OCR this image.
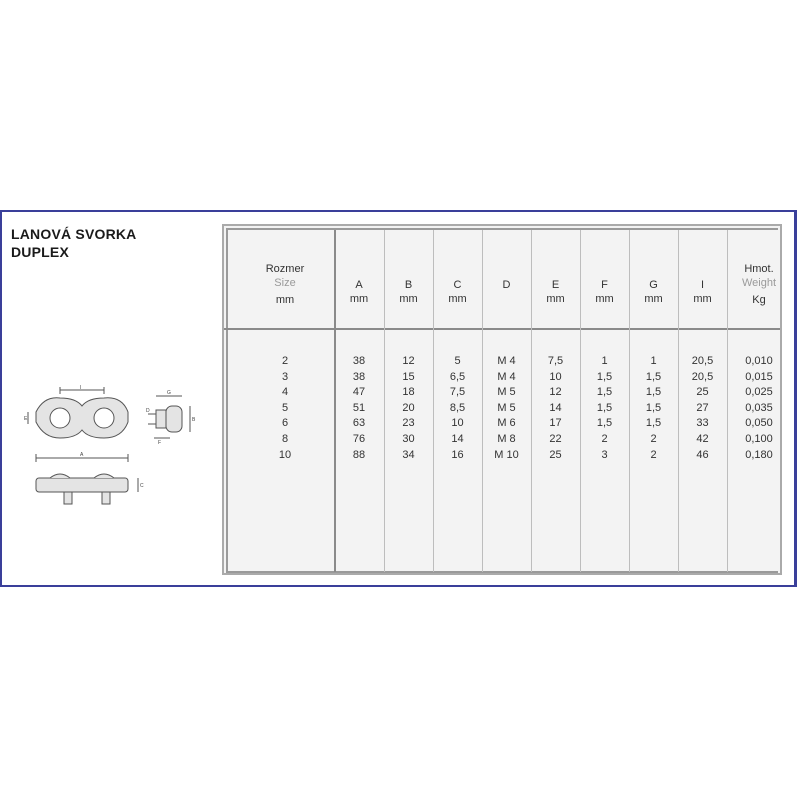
LANOVÁ SVORKA
DUPLEX
I
E
A
G
D
B
F
C
Rozmer
Size
mm
A
mm
B
mm
C
mm
D	E
mm
F
mm
G
mm
I
mm
Hmot.
Weight
Kg
2
3
4
5
6
8
10
38
38
47
51
63
76
88
12
15
18
20
23
30
34
5
6,5
7,5
8,5
10
14
16
M 4
M 4
M 5
M 5
M 6
M 8
M 10
7,5
10
12
14
17
22
25
1
1,5
1,5
1,5
1,5
2
3
1
1,5
1,5
1,5
1,5
2
2
20,5
20,5
25
27
33
42
46
0,010
0,015
0,025
0,035
0,050
0,100
0,180
